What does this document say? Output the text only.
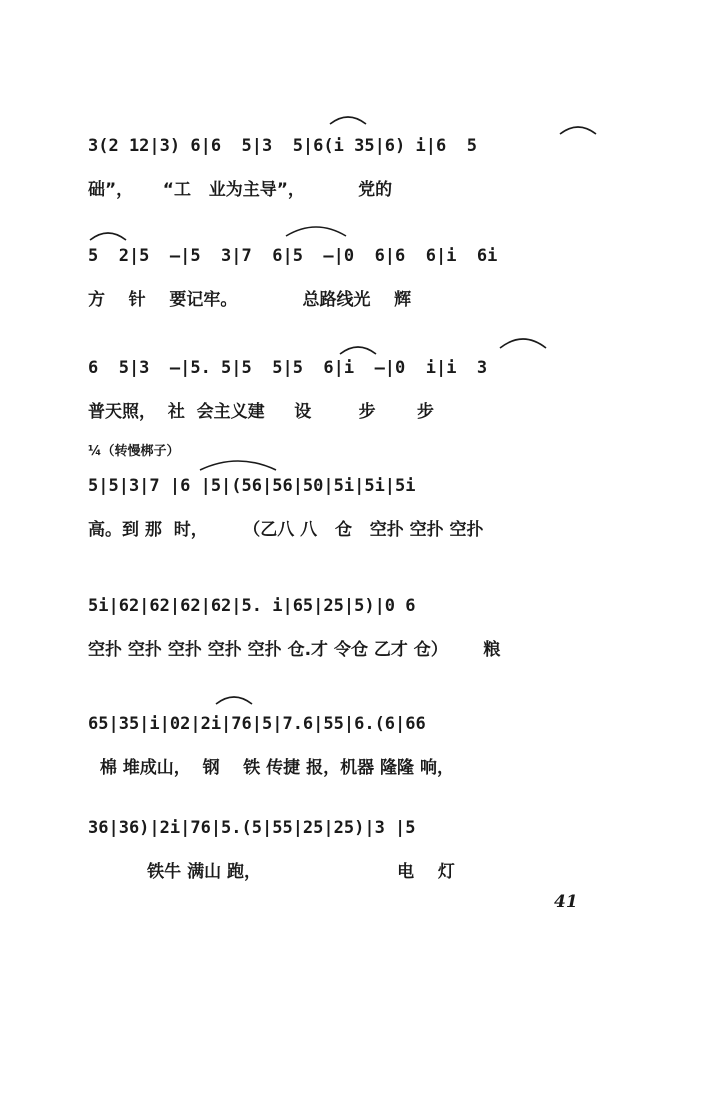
3(2 12|3) 6|6  5|3  5|6(i 35|6) i|6  5
础”，     “工   业为主导”，         党的
5  2|5  —|5  3|7  6|5  —|0  6|6  6|i  6i
方    针    要记牢。           总路线光    辉
6  5|3  —|5. 5|5  5|5  6|i  —|0  i|i  3
普天照，  社  会主义建     设        步       步
¼（转慢梆子）
5|5|3|7 |6 |5|(56|56|50|5i|5i|5i
高。到 那  时，      （乙八 八   仓   空扑 空扑 空扑
5i|62|62|62|62|5. i|65|25|5)|0 6
空扑 空扑 空扑 空扑 空扑 仓.才 令仓 乙才 仓）      粮
65|35|i|02|2i|76|5|7.6|55|6.(6|66
棉 堆成山，  钢    铁 传捷 报，机器 隆隆 响，
36|36)|2i|76|5.(5|55|25|25)|3 |5
铁牛 满山 跑，                       电    灯
41
